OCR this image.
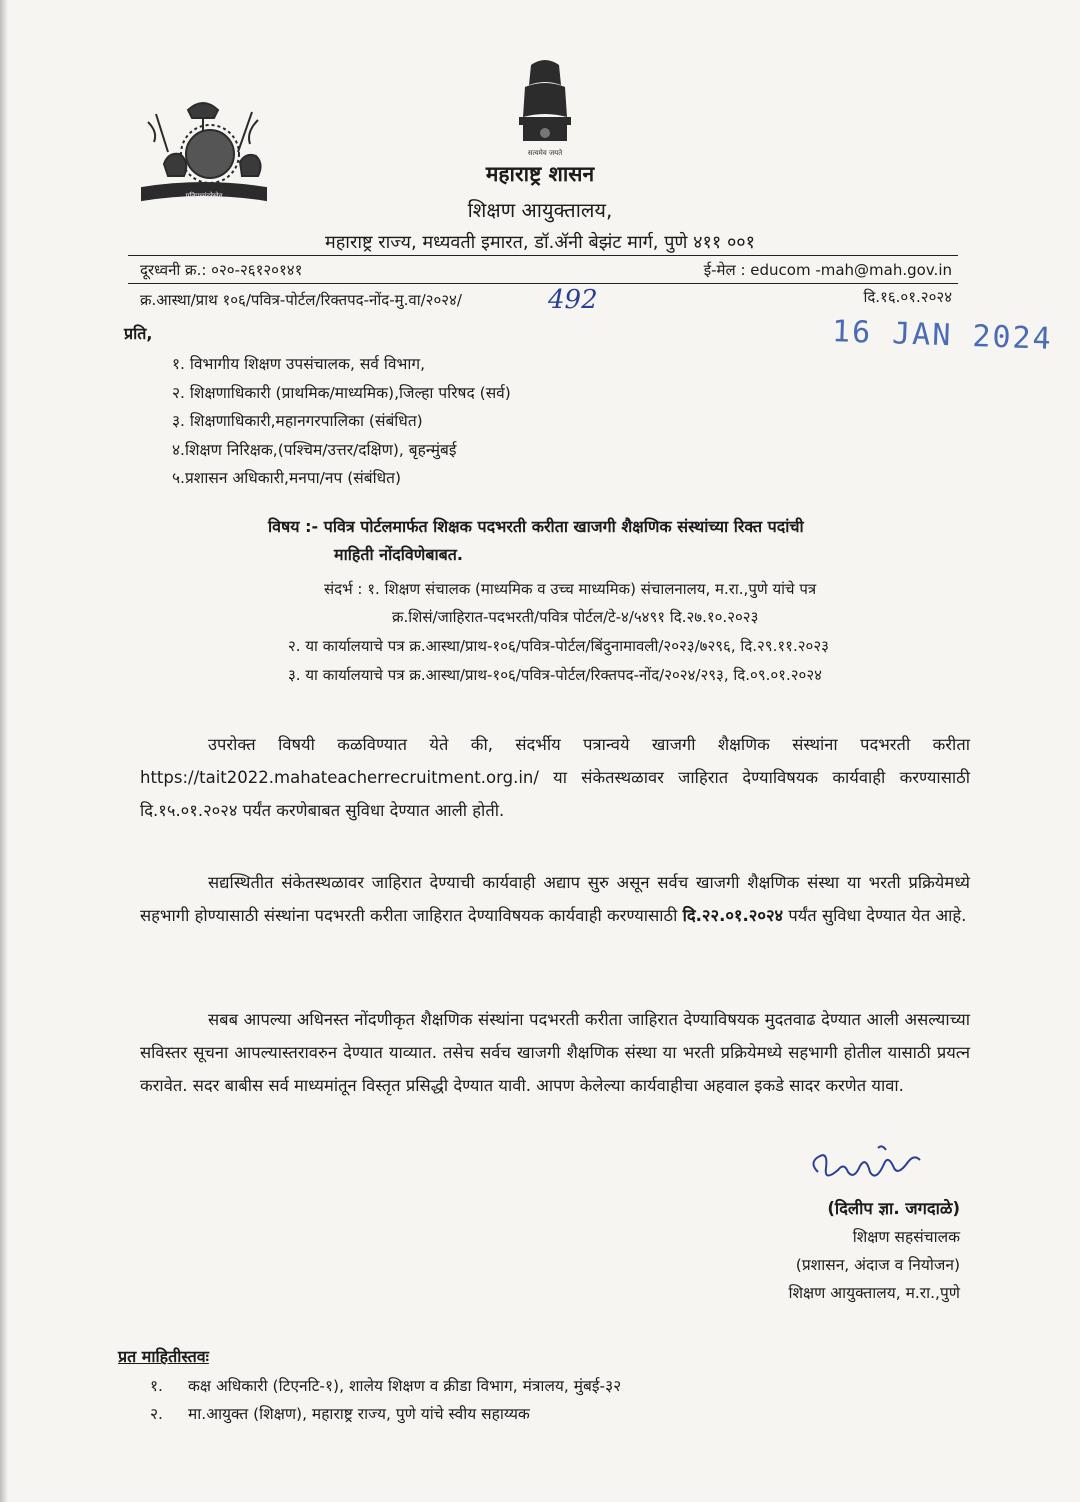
प्रतिपच्चंद्ररेखेव
सत्यमेव जयते
महाराष्ट्र शासन
शिक्षण आयुक्तालय,
महाराष्ट्र राज्य, मध्यवती इमारत, डॉ.ॲनी बेझंट मार्ग, पुणे ४११ ००१
दूरध्वनी क्र.: ०२०-२६१२०१४१	ई-मेल : educom -mah@mah.gov.in
क्र.आस्था/प्राथ १०६/पवित्र-पोर्टल/रिक्तपद-नोंद-मु.वा/२०२४/	492	दि.१६.०१.२०२४
16 JAN 2024
प्रति,
१. विभागीय शिक्षण उपसंचालक, सर्व विभाग,
२. शिक्षणाधिकारी (प्राथमिक/माध्यमिक),जिल्हा परिषद (सर्व)
३. शिक्षणाधिकारी,महानगरपालिका (संबंधित)
४.शिक्षण निरिक्षक,(पश्चिम/उत्तर/दक्षिण), बृहन्मुंबई
५.प्रशासन अधिकारी,मनपा/नप (संबंधित)
विषय :- पवित्र पोर्टलमार्फत शिक्षक पदभरती करीता खाजगी शैक्षणिक संस्थांच्या रिक्त पदांची
माहिती नोंदविणेबाबत.
संदर्भ : १. शिक्षण संचालक (माध्यमिक व उच्च माध्यमिक) संचालनालय, म.रा.,पुणे यांचे पत्र
क्र.शिसं/जाहिरात-पदभरती/पवित्र पोर्टल/टे-४/५४९१ दि.२७.१०.२०२३
२. या कार्यालयाचे पत्र क्र.आस्था/प्राथ-१०६/पवित्र-पोर्टल/बिंदुनामावली/२०२३/७२९६, दि.२९.११.२०२३
३. या कार्यालयाचे पत्र क्र.आस्था/प्राथ-१०६/पवित्र-पोर्टल/रिक्तपद-नोंद/२०२४/२९३, दि.०९.०१.२०२४

उपरोक्त विषयी कळविण्यात येते की, संदर्भीय पत्रान्वये खाजगी शैक्षणिक संस्थांना पदभरती करीता https://tait2022.mahateacherrecruitment.org.in/ या संकेतस्थळावर जाहिरात देण्याविषयक कार्यवाही करण्यासाठी दि.१५.०१.२०२४ पर्यंत करणेबाबत सुविधा देण्यात आली होती.

सद्यस्थितीत संकेतस्थळावर जाहिरात देण्याची कार्यवाही अद्याप सुरु असून सर्वच खाजगी शैक्षणिक संस्था या भरती प्रक्रियेमध्ये सहभागी होण्यासाठी संस्थांना पदभरती करीता जाहिरात देण्याविषयक कार्यवाही करण्यासाठी दि.२२.०१.२०२४ पर्यंत सुविधा देण्यात येत आहे.

सबब आपल्या अधिनस्त नोंदणीकृत शैक्षणिक संस्थांना पदभरती करीता जाहिरात देण्याविषयक मुदतवाढ देण्यात आली असल्याच्या सविस्तर सूचना आपल्यास्तरावरुन देण्यात याव्यात. तसेच सर्वच खाजगी शैक्षणिक संस्था या भरती प्रक्रियेमध्ये सहभागी होतील यासाठी प्रयत्न करावेत. सदर बाबीस सर्व माध्यमांतून विस्तृत प्रसिद्धी देण्यात यावी. आपण केलेल्या कार्यवाहीचा अहवाल इकडे सादर करणेत यावा.

(दिलीप ज्ञा. जगदाळे)
शिक्षण सहसंचालक
(प्रशासन, अंदाज व नियोजन)
शिक्षण आयुक्तालय, म.रा.,पुणे
प्रत माहितीस्तवः
१. कक्ष अधिकारी (टिएनटि-१), शालेय शिक्षण व क्रीडा विभाग, मंत्रालय, मुंबई-३२
२. मा.आयुक्त (शिक्षण), महाराष्ट्र राज्य, पुणे यांचे स्वीय सहाय्यक
